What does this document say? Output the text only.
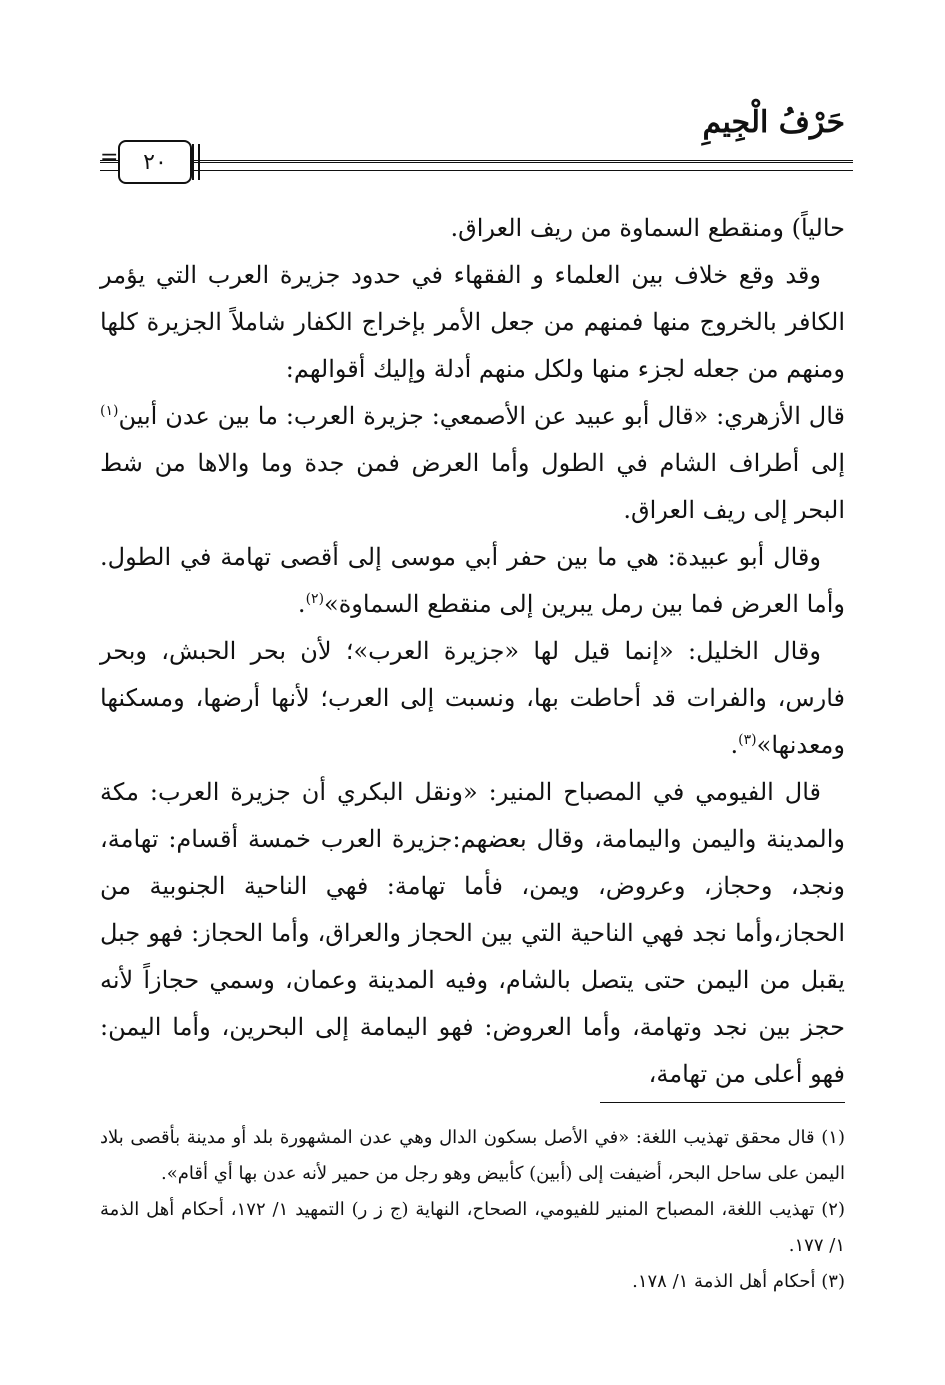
حَرْفُ الْجِيمِ
= ٢٠

حالياً) ومنقطع السماوة من ريف العراق.

وقد وقع خلاف بين العلماء و الفقهاء في حدود جزيرة العرب التي يؤمر الكافر بالخروج منها فمنهم من جعل الأمر بإخراج الكفار شاملاً الجزيرة كلها ومنهم من جعله لجزء منها ولكل منهم أدلة وإليك أقوالهم:

قال الأزهري: «قال أبو عبيد عن الأصمعي: جزيرة العرب: ما بين عدن أبين$^{(١)}$ إلى أطراف الشام في الطول وأما العرض فمن جدة وما والاها من شط البحر إلى ريف العراق.

وقال أبو عبيدة: هي ما بين حفر أبي موسى إلى أقصى تهامة في الطول. وأما العرض فما بين رمل يبرين إلى منقطع السماوة»$^{(٢)}$.

وقال الخليل: «إنما قيل لها «جزيرة العرب»؛ لأن بحر الحبش، وبحر فارس، والفرات قد أحاطت بها، ونسبت إلى العرب؛ لأنها أرضها، ومسكنها ومعدنها»$^{(٣)}$.

قال الفيومي في المصباح المنير: «ونقل البكري أن جزيرة العرب: مكة والمدينة واليمن واليمامة، وقال بعضهم:جزيرة العرب خمسة أقسام: تهامة، ونجد، وحجاز، وعروض، ويمن، فأما تهامة: فهي الناحية الجنوبية من الحجاز،وأما نجد فهي الناحية التي بين الحجاز والعراق، وأما الحجاز: فهو جبل يقبل من اليمن حتى يتصل بالشام، وفيه المدينة وعمان، وسمي حجازاً لأنه حجز بين نجد وتهامة، وأما العروض: فهو اليمامة إلى البحرين، وأما اليمن: فهو أعلى من تهامة،

(١) قال محقق تهذيب اللغة: «في الأصل بسكون الدال وهي عدن المشهورة بلد أو مدينة بأقصى بلاد اليمن على ساحل البحر، أضيفت إلى (أبين) كأبيض وهو رجل من حمير لأنه عدن بها أي أقام».

(٢) تهذيب اللغة، المصباح المنير للفيومي، الصحاح، النهاية (ج ز ر) التمهيد ١/ ١٧٢، أحكام أهل الذمة ١/ ١٧٧.

(٣) أحكام أهل الذمة ١/ ١٧٨.
